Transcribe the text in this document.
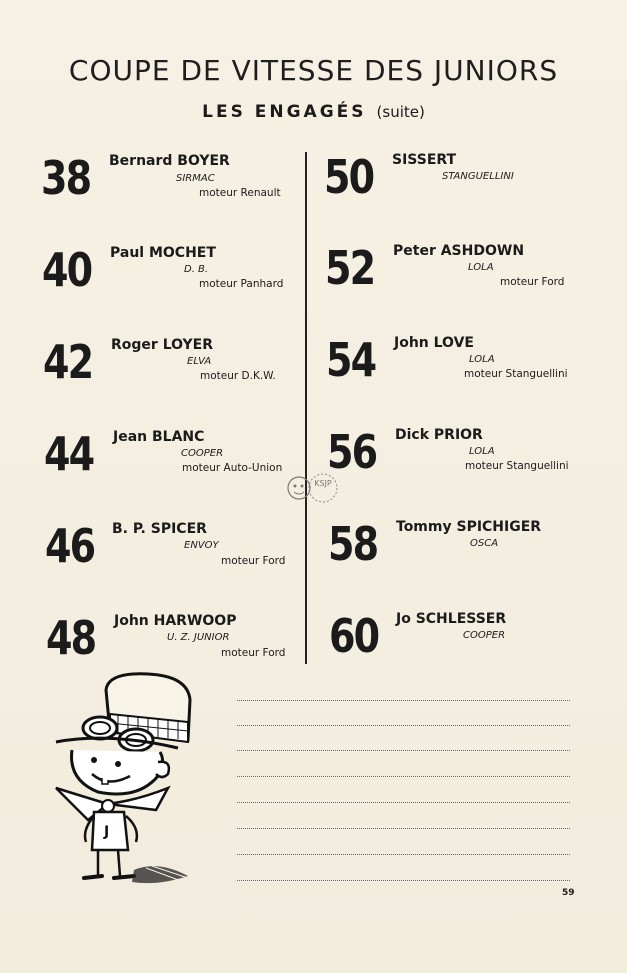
COUPE DE VITESSE DES JUNIORS
LES ENGAGÉS (suite)
38 Bernard BOYER
SIRMAC
moteur Renault
40 Paul MOCHET
D. B.
moteur Panhard
42 Roger LOYER
ELVA
moteur D.K.W.
44 Jean BLANC
COOPER
moteur Auto-Union
46 B. P. SPICER
ENVOY
moteur Ford
48 John HARWOOP
U. Z. JUNIOR
moteur Ford
50 SISSERT
STANGUELLINI
52 Peter ASHDOWN
LOLA
moteur Ford
54 John LOVE
LOLA
moteur Stanguellini
56 Dick PRIOR
LOLA
moteur Stanguellini
58 Tommy SPICHIGER
OSCA
60 Jo SCHLESSER
COOPER
KSJP
J
59
